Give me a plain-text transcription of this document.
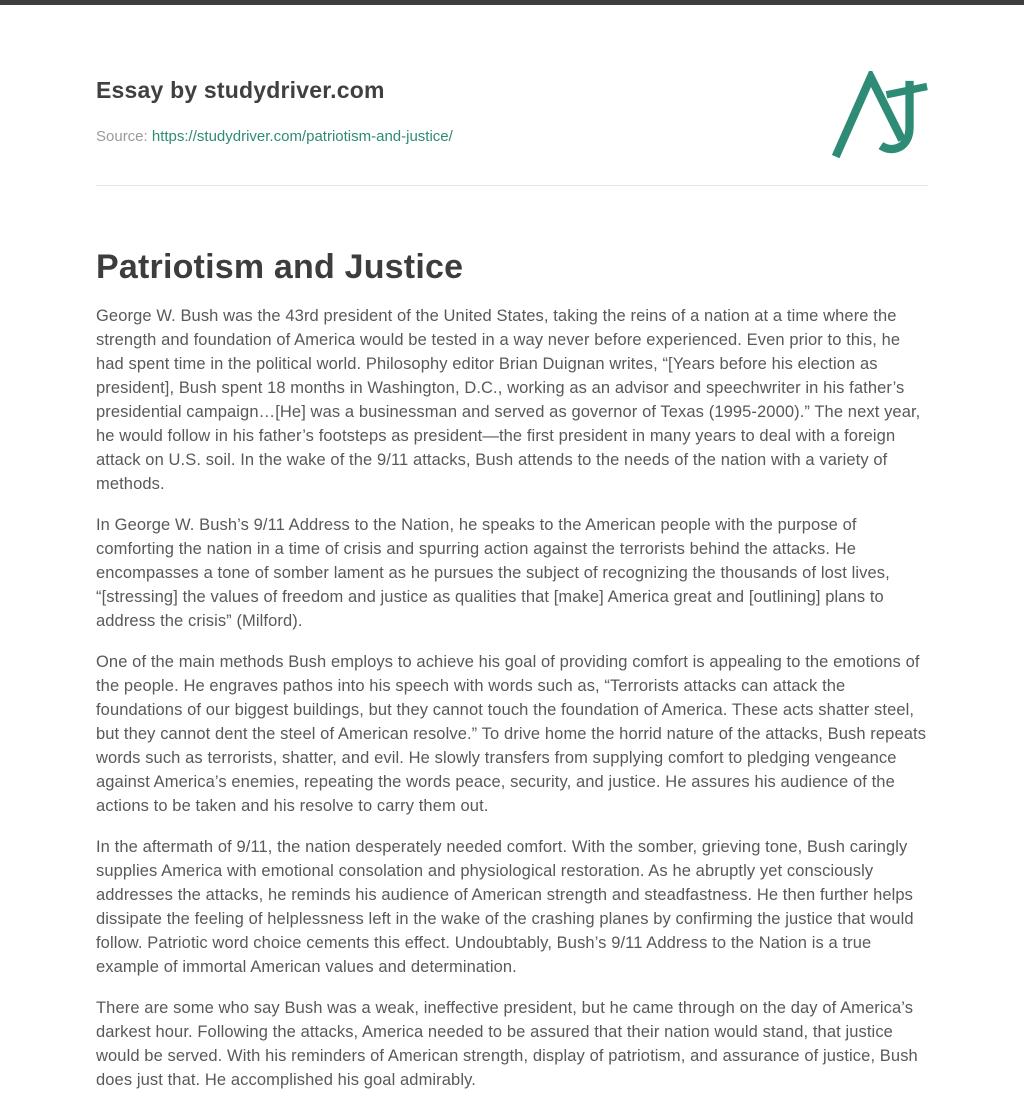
Essay by studydriver.com
Source: https://studydriver.com/patriotism-and-justice/
Patriotism and Justice

George W. Bush was the 43rd president of the United States, taking the reins of a nation at a time where the strength and foundation of America would be tested in a way never before experienced. Even prior to this, he had spent time in the political world. Philosophy editor Brian Duignan writes, “[Years before his election as president], Bush spent 18 months in Washington, D.C., working as an advisor and speechwriter in his father’s presidential campaign…[He] was a businessman and served as governor of Texas (1995-2000).” The next year, he would follow in his father’s footsteps as president—the first president in many years to deal with a foreign attack on U.S. soil. In the wake of the 9/11 attacks, Bush attends to the needs of the nation with a variety of methods.

In George W. Bush’s 9/11 Address to the Nation, he speaks to the American people with the purpose of comforting the nation in a time of crisis and spurring action against the terrorists behind the attacks. He encompasses a tone of somber lament as he pursues the subject of recognizing the thousands of lost lives, “[stressing] the values of freedom and justice as qualities that [make] America great and [outlining] plans to address the crisis” (Milford).

One of the main methods Bush employs to achieve his goal of providing comfort is appealing to the emotions of the people. He engraves pathos into his speech with words such as, “Terrorists attacks can attack the foundations of our biggest buildings, but they cannot touch the foundation of America. These acts shatter steel, but they cannot dent the steel of American resolve.” To drive home the horrid nature of the attacks, Bush repeats words such as terrorists, shatter, and evil. He slowly transfers from supplying comfort to pledging vengeance against America’s enemies, repeating the words peace, security, and justice. He assures his audience of the actions to be taken and his resolve to carry them out.

In the aftermath of 9/11, the nation desperately needed comfort. With the somber, grieving tone, Bush caringly supplies America with emotional consolation and physiological restoration. As he abruptly yet consciously addresses the attacks, he reminds his audience of American strength and steadfastness. He then further helps dissipate the feeling of helplessness left in the wake of the crashing planes by confirming the justice that would follow. Patriotic word choice cements this effect. Undoubtably, Bush’s 9/11 Address to the Nation is a true example of immortal American values and determination.

There are some who say Bush was a weak, ineffective president, but he came through on the day of America’s darkest hour. Following the attacks, America needed to be assured that their nation would stand, that justice would be served. With his reminders of American strength, display of patriotism, and assurance of justice, Bush does just that. He accomplished his goal admirably.
